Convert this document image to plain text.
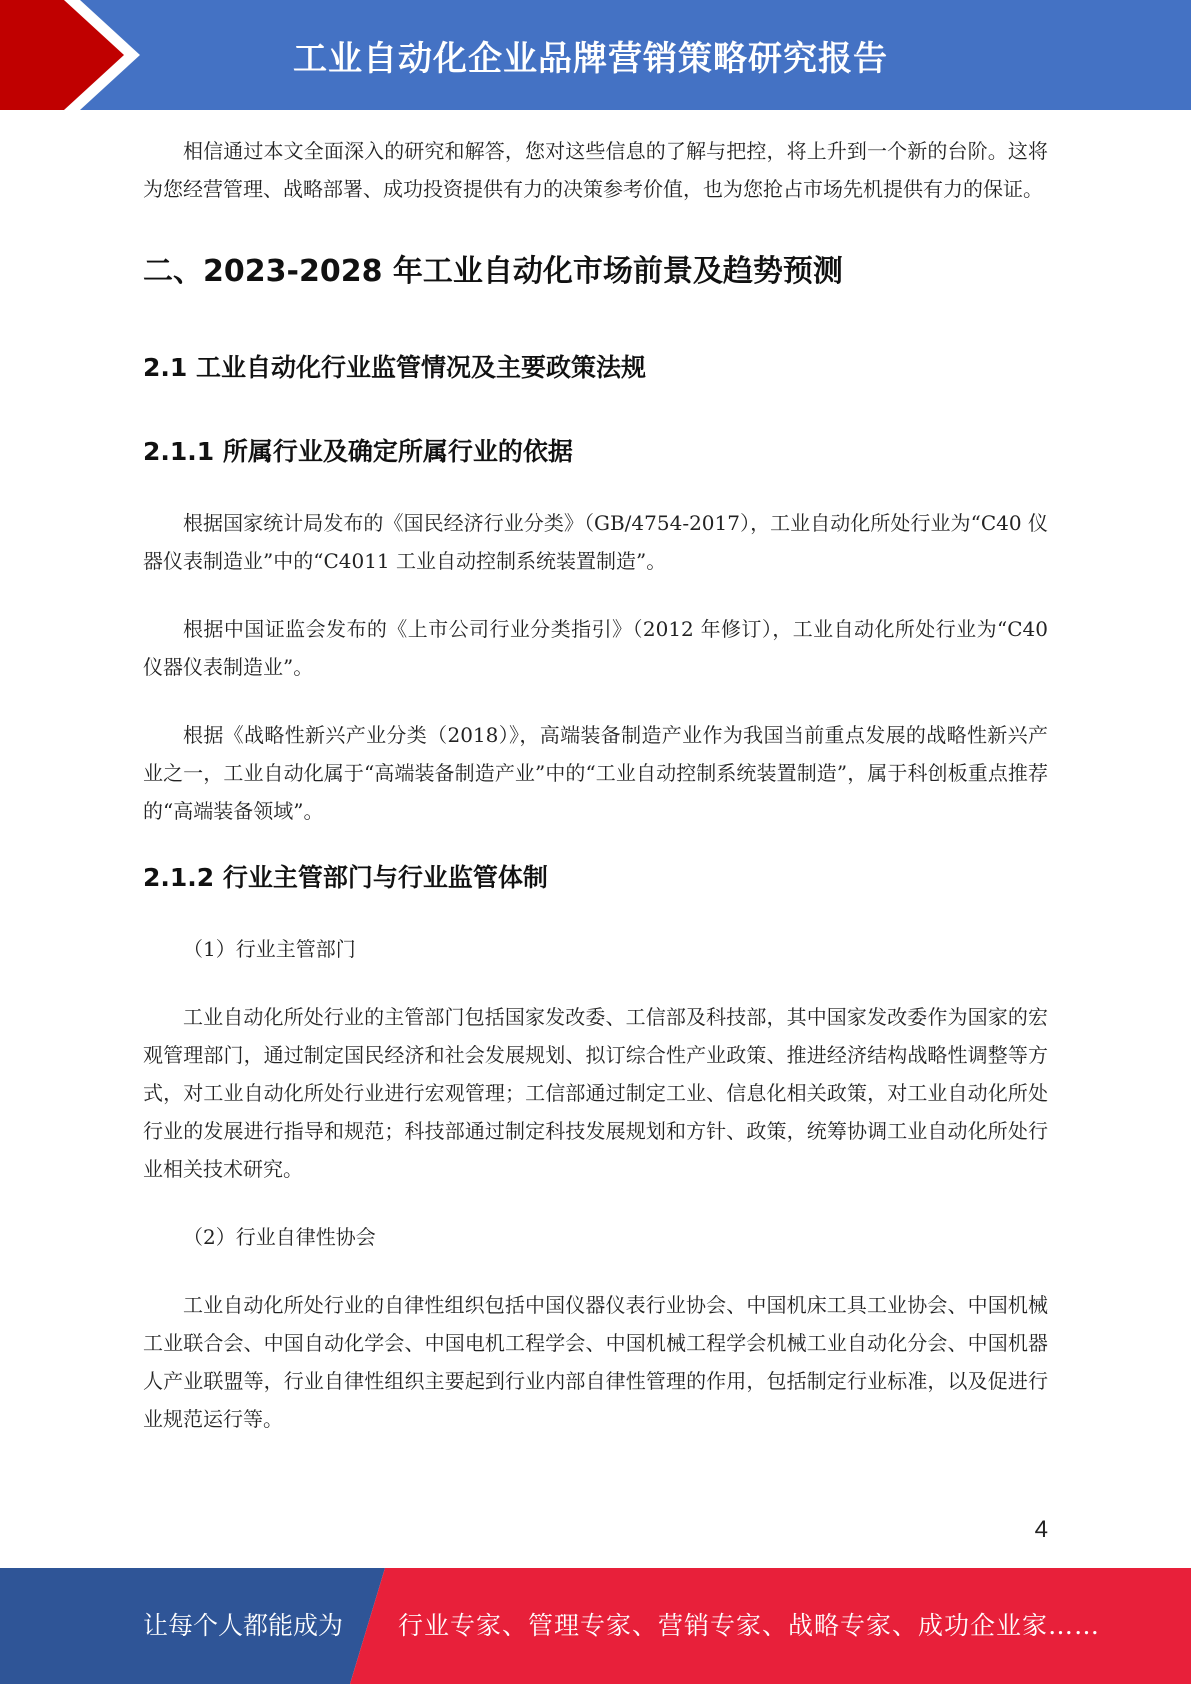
工业自动化企业品牌营销策略研究报告

相信通过本文全面深入的研究和解答，您对这些信息的了解与把控，将上升到一个新的台阶。这将为您经营管理、战略部署、成功投资提供有力的决策参考价值，也为您抢占市场先机提供有力的保证。

二、2023-2028 年工业自动化市场前景及趋势预测
2.1 工业自动化行业监管情况及主要政策法规
2.1.1 所属行业及确定所属行业的依据

根据国家统计局发布的《国民经济行业分类》（GB/4754-2017），工业自动化所处行业为“C40 仪器仪表制造业”中的“C4011 工业自动控制系统装置制造”。

根据中国证监会发布的《上市公司行业分类指引》（2012 年修订），工业自动化所处行业为“C40 仪器仪表制造业”。

根据《战略性新兴产业分类（2018）》，高端装备制造产业作为我国当前重点发展的战略性新兴产业之一，工业自动化属于“高端装备制造产业”中的“工业自动控制系统装置制造”，属于科创板重点推荐的“高端装备领域”。

2.1.2 行业主管部门与行业监管体制

（1）行业主管部门

工业自动化所处行业的主管部门包括国家发改委、工信部及科技部，其中国家发改委作为国家的宏观管理部门，通过制定国民经济和社会发展规划、拟订综合性产业政策、推进经济结构战略性调整等方式，对工业自动化所处行业进行宏观管理；工信部通过制定工业、信息化相关政策，对工业自动化所处行业的发展进行指导和规范；科技部通过制定科技发展规划和方针、政策，统筹协调工业自动化所处行业相关技术研究。

（2）行业自律性协会

工业自动化所处行业的自律性组织包括中国仪器仪表行业协会、中国机床工具工业协会、中国机械工业联合会、中国自动化学会、中国电机工程学会、中国机械工程学会机械工业自动化分会、中国机器人产业联盟等，行业自律性组织主要起到行业内部自律性管理的作用，包括制定行业标准，以及促进行业规范运行等。

4
让每个人都能成为 行业专家、管理专家、营销专家、战略专家、成功企业家……
